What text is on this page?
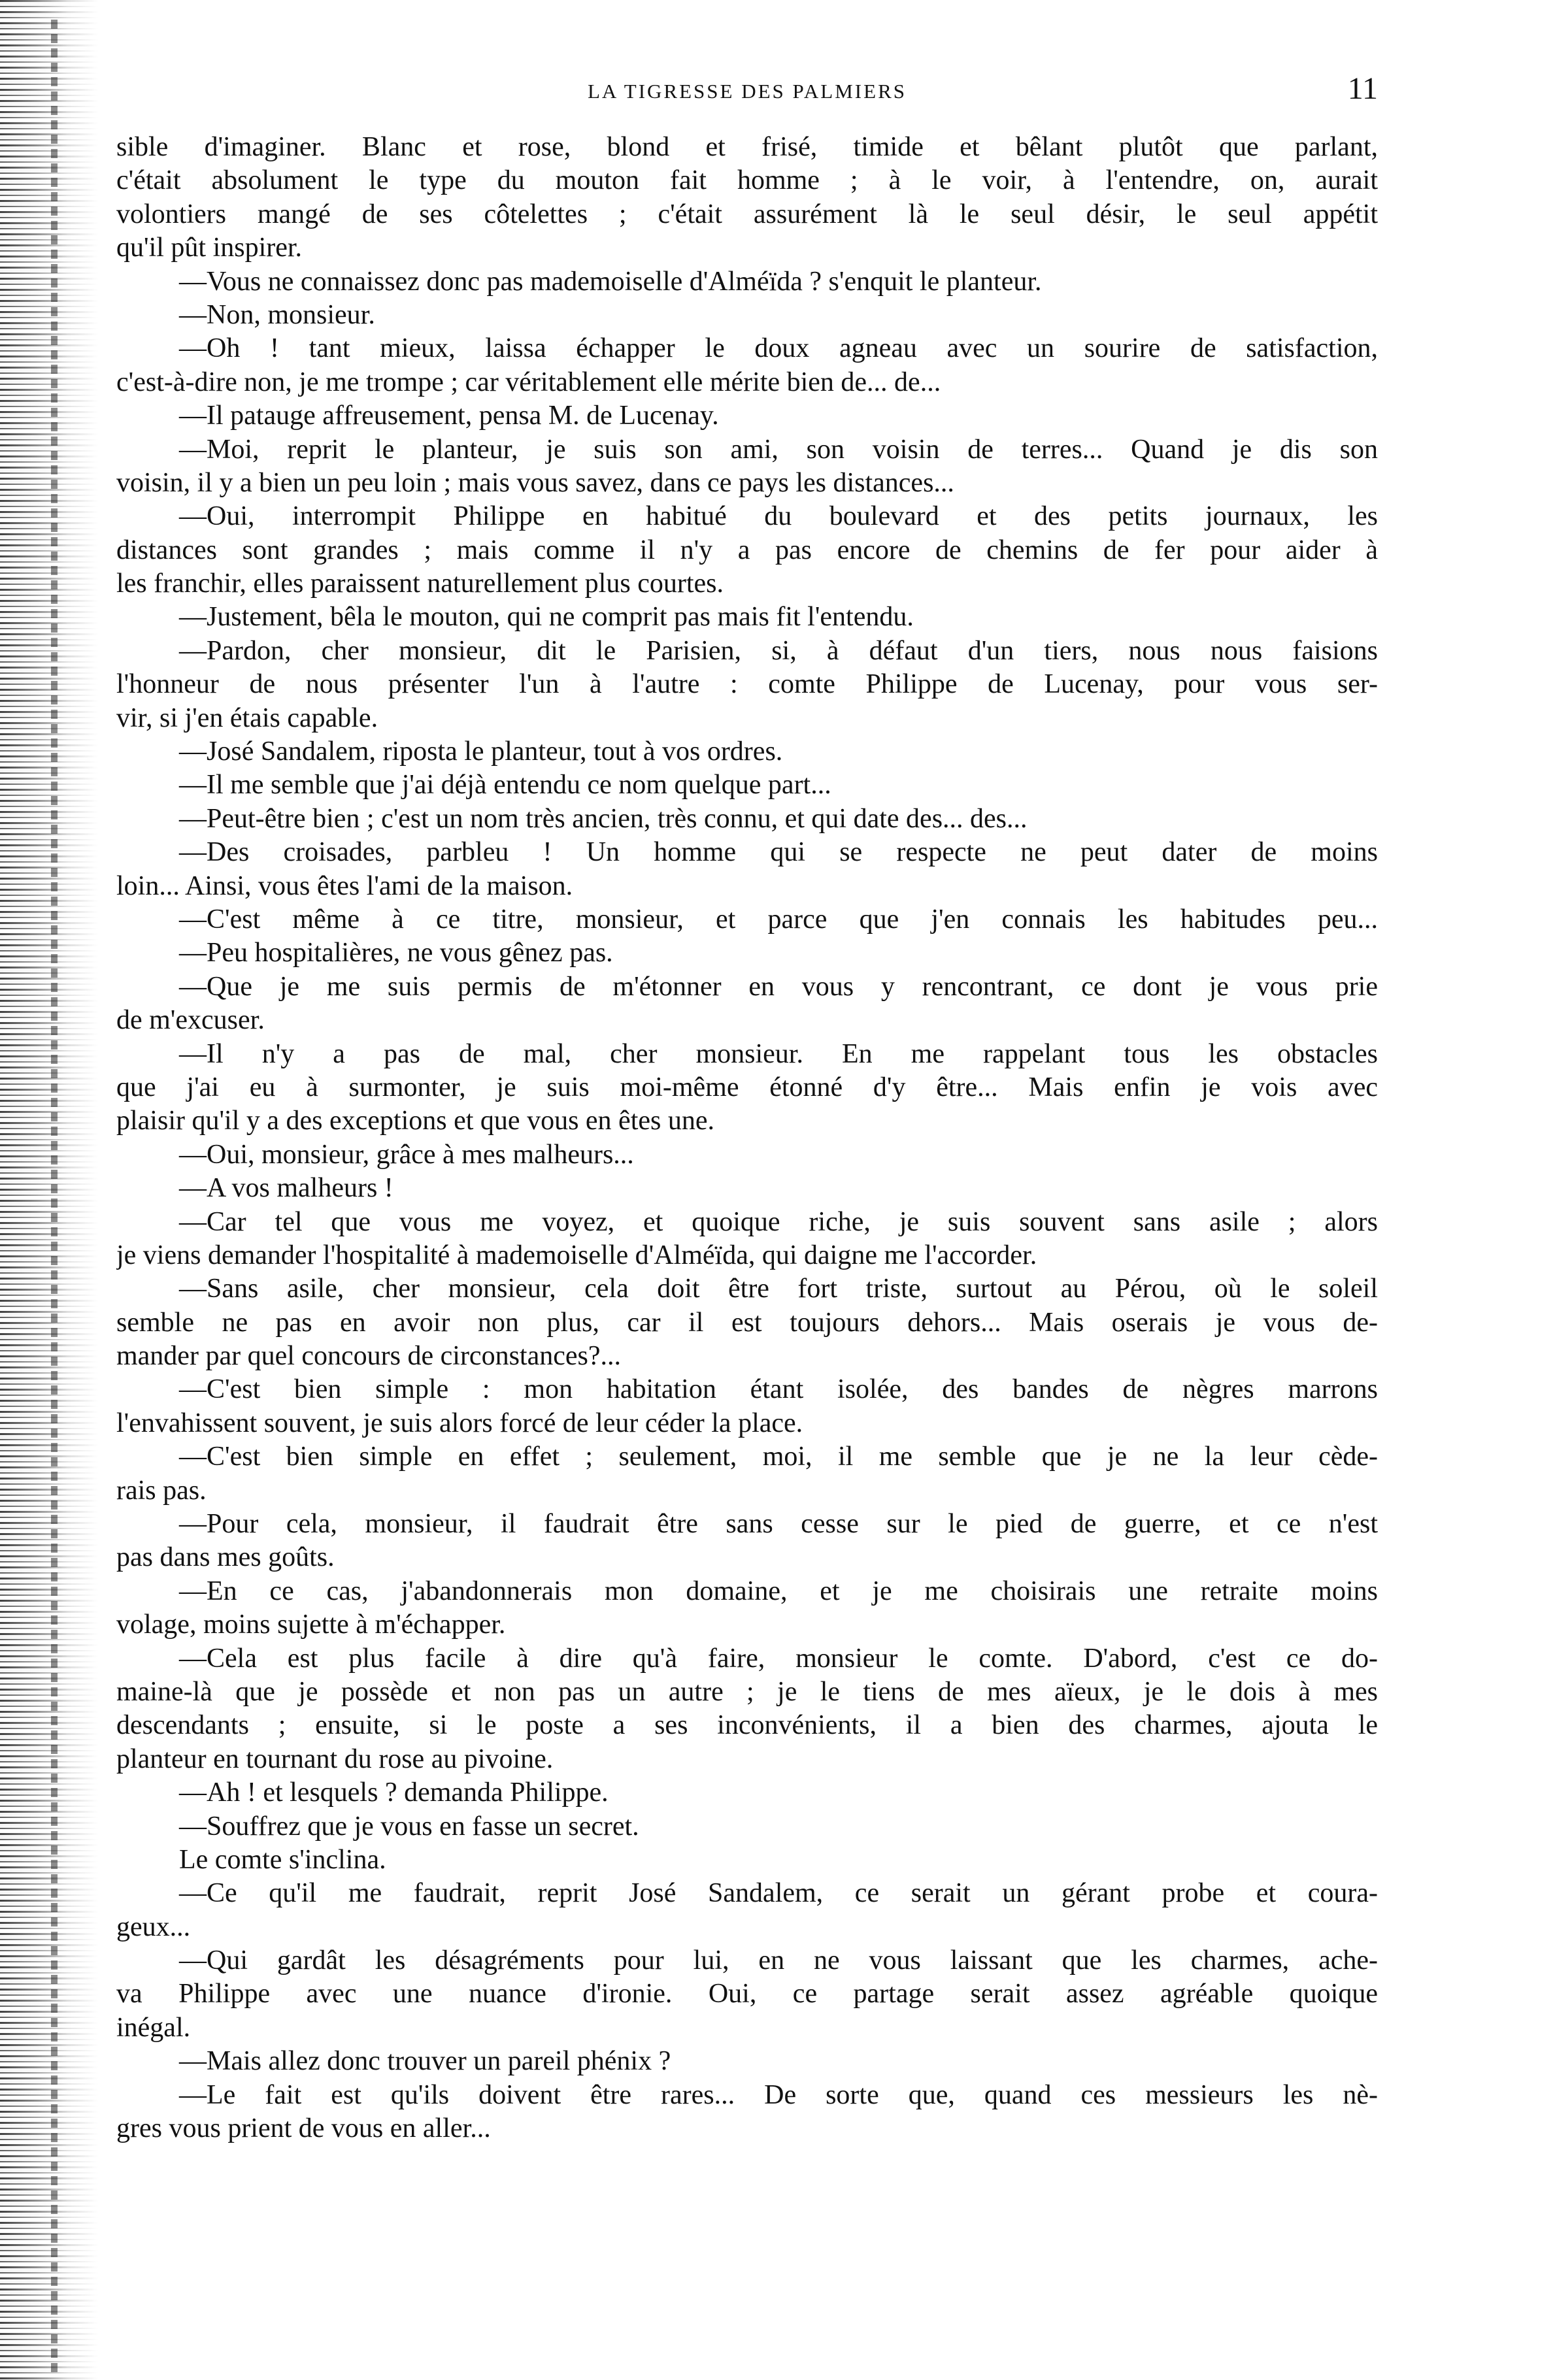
LA TIGRESSE DES PALMIERS	11
sible d'imaginer. Blanc et rose, blond et frisé, timide et bêlant plutôt que parlant,
c'était absolument le type du mouton fait homme ; à le voir, à l'entendre, on, aurait
volontiers mangé de ses côtelettes ; c'était assurément là le seul désir, le seul appétit
qu'il pût inspirer.
—Vous ne connaissez donc pas mademoiselle d'Alméïda ? s'enquit le planteur.
—Non, monsieur.
—Oh ! tant mieux, laissa échapper le doux agneau avec un sourire de satisfaction,
c'est-à-dire non, je me trompe ; car véritablement elle mérite bien de... de...
—Il patauge affreusement, pensa M. de Lucenay.
—Moi, reprit le planteur, je suis son ami, son voisin de terres... Quand je dis son
voisin, il y a bien un peu loin ; mais vous savez, dans ce pays les distances...
—Oui, interrompit Philippe en habitué du boulevard et des petits journaux, les
distances sont grandes ; mais comme il n'y a pas encore de chemins de fer pour aider à
les franchir, elles paraissent naturellement plus courtes.
—Justement, bêla le mouton, qui ne comprit pas mais fit l'entendu.
—Pardon, cher monsieur, dit le Parisien, si, à défaut d'un tiers, nous nous faisions
l'honneur de nous présenter l'un à l'autre : comte Philippe de Lucenay, pour vous ser-
vir, si j'en étais capable.
—José Sandalem, riposta le planteur, tout à vos ordres.
—Il me semble que j'ai déjà entendu ce nom quelque part...
—Peut-être bien ; c'est un nom très ancien, très connu, et qui date des... des...
—Des croisades, parbleu ! Un homme qui se respecte ne peut dater de moins
loin... Ainsi, vous êtes l'ami de la maison.
—C'est même à ce titre, monsieur, et parce que j'en connais les habitudes peu...
—Peu hospitalières, ne vous gênez pas.
—Que je me suis permis de m'étonner en vous y rencontrant, ce dont je vous prie
de m'excuser.
—Il n'y a pas de mal, cher monsieur. En me rappelant tous les obstacles
que j'ai eu à surmonter, je suis moi-même étonné d'y être... Mais enfin je vois avec
plaisir qu'il y a des exceptions et que vous en êtes une.
—Oui, monsieur, grâce à mes malheurs...
—A vos malheurs !
—Car tel que vous me voyez, et quoique riche, je suis souvent sans asile ; alors
je viens demander l'hospitalité à mademoiselle d'Alméïda, qui daigne me l'accorder.
—Sans asile, cher monsieur, cela doit être fort triste, surtout au Pérou, où le soleil
semble ne pas en avoir non plus, car il est toujours dehors... Mais oserais je vous de-
mander par quel concours de circonstances?...
—C'est bien simple : mon habitation étant isolée, des bandes de nègres marrons
l'envahissent souvent, je suis alors forcé de leur céder la place.
—C'est bien simple en effet ; seulement, moi, il me semble que je ne la leur cède-
rais pas.
—Pour cela, monsieur, il faudrait être sans cesse sur le pied de guerre, et ce n'est
pas dans mes goûts.
—En ce cas, j'abandonnerais mon domaine, et je me choisirais une retraite moins
volage, moins sujette à m'échapper.
—Cela est plus facile à dire qu'à faire, monsieur le comte. D'abord, c'est ce do-
maine-là que je possède et non pas un autre ; je le tiens de mes aïeux, je le dois à mes
descendants ; ensuite, si le poste a ses inconvénients, il a bien des charmes, ajouta le
planteur en tournant du rose au pivoine.
—Ah ! et lesquels ? demanda Philippe.
—Souffrez que je vous en fasse un secret.
Le comte s'inclina.
—Ce qu'il me faudrait, reprit José Sandalem, ce serait un gérant probe et coura-
geux...
—Qui gardât les désagréments pour lui, en ne vous laissant que les charmes, ache-
va Philippe avec une nuance d'ironie. Oui, ce partage serait assez agréable quoique
inégal.
—Mais allez donc trouver un pareil phénix ?
—Le fait est qu'ils doivent être rares... De sorte que, quand ces messieurs les nè-
gres vous prient de vous en aller...
